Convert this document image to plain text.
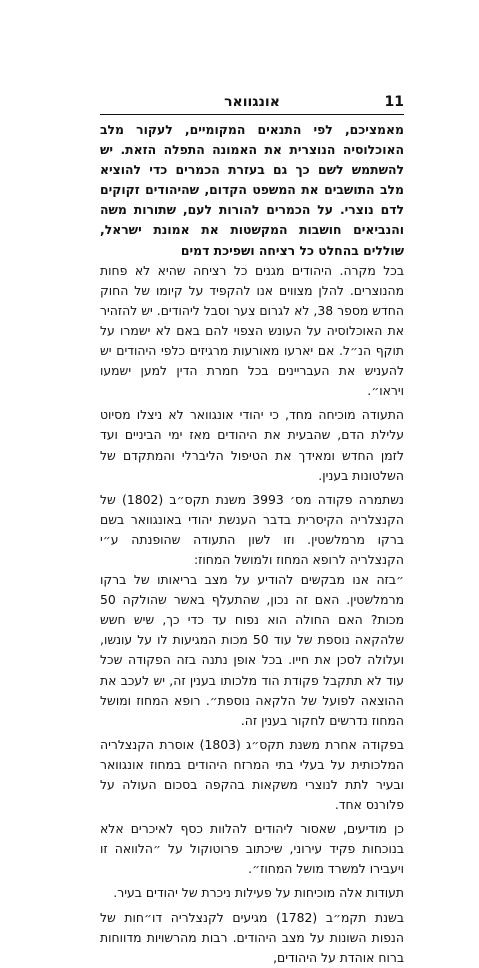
אונגוואר	11

מאמציכם, לפי התנאים המקומיים, לעקור מלב האוכלוסיה הנוצרית את האמונה התפלה הזאת. יש להשתמש לשם כך גם בעזרת הכמרים כדי להוציא מלב התושבים את המשפט הקדום, שהיהודים זקוקים לדם נוצרי. על הכמרים להורות לעם, שתורות משה והנביאים חושבות המקשטות את אמונת ישראל, שוללים בהחלט כל רציחה ושפיכת דמים

בכל מקרה. היהודים מגנים כל רציחה שהיא לא פחות מהנוצרים. להלן מצווים אנו להקפיד על קיומו של החוק החדש מספר 38, לא לגרום צער וסבל ליהודים. יש להזהיר את האוכלוסיה על העונש הצפוי להם באם לא ישמרו על תוקף הנ״ל. אם יארעו מאורעות מרגיזים כלפי היהודים יש להעניש את העבריינים בכל חמרת הדין למען ישמעו ויראו״.

התעודה מוכיחה מחד, כי יהודי אונגוואר לא ניצלו מסיוט עלילת הדם, שהבעית את היהודים מאז ימי הביניים ועד לזמן החדש ומאידך את הטיפול הליברלי והמתקדם של השלטונות בענין.

נשתמרה פקודה מס׳ 3993 משנת תקס״ב (1802) של הקנצלריה הקיסרית בדבר הענשת יהודי באונגוואר בשם ברקו מרמלשטין. וזו לשון התעודה שהופנתה ע״י הקנצלריה לרופא המחוז ולמושל המחוז:

״בזה אנו מבקשים להודיע על מצב בריאותו של ברקו מרמלשטין. האם זה נכון, שהתעלף באשר שהולקה 50 מכות? האם החולה הוא נפוח עד כדי כך, שיש חשש שלהקאה נוספת של עוד 50 מכות המגיעות לו על עונשו, ועלולה לסכן את חייו. בכל אופן נתנה בזה הפקודה שכל עוד לא תתקבל פקודת הוד מלכותו בענין זה, יש לעכב את ההוצאה לפועל של הלקאה נוספת״. רופא המחוז ומושל המחוז נדרשים לחקור בענין זה.

בפקודה אחרת משנת תקס״ג (1803) אוסרת הקנצלריה המלכותית על בעלי בתי המרזח היהודים במחוז אונגוואר ובעיר לתת לנוצרי משקאות בהקפה בסכום העולה על פלורנס אחד.

כן מודיעים, שאסור ליהודים להלוות כסף לאיכרים אלא בנוכחות פקיד עירוני, שיכתוב פרוטוקול על ״הלוואה זו ויעבירו למשרד מושל המחוז״.

תעודות אלה מוכיחות על פעילות ניכרת של יהודים בעיר.

בשנת תקמ״ב (1782) מגיעים לקנצלריה דו״חות של הנפות השונות על מצב היהודים. רבות מהרשויות מדווחות ברוח אוהדת על היהודים,
